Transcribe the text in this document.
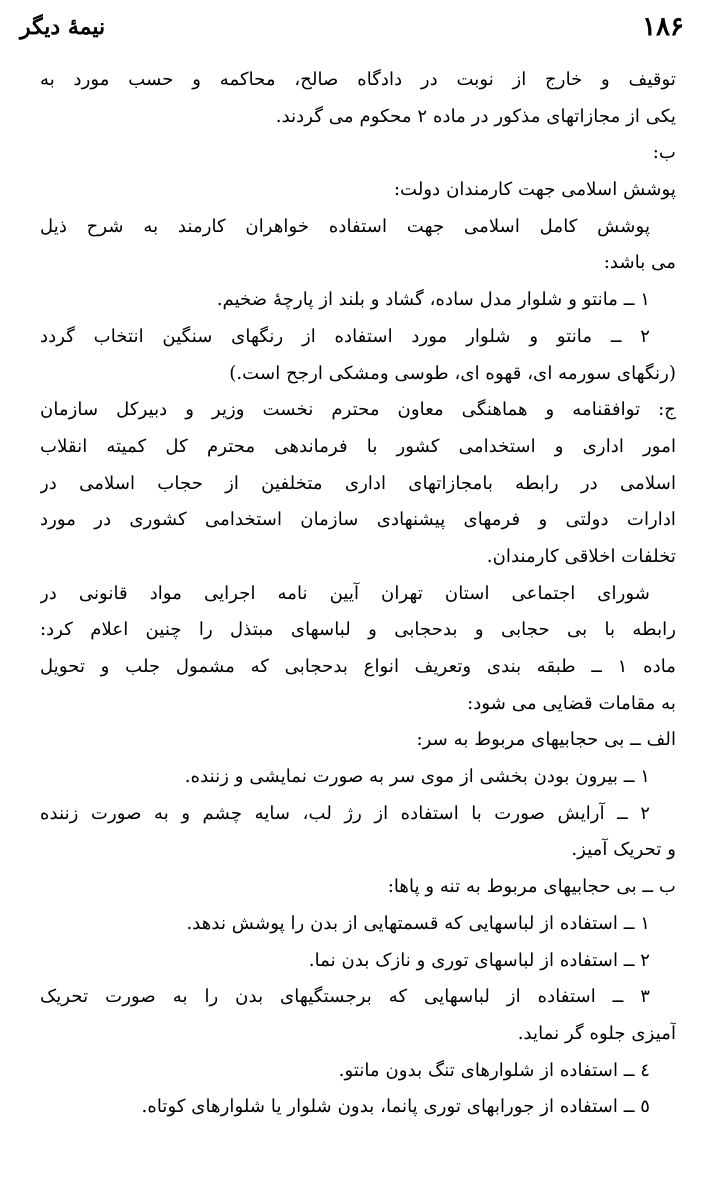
۱۸۶
نیمهٔ دیگر
توقیف و خارج از نوبت در دادگاه صالح، محاکمه و حسب مورد به
یکی از مجازاتهای مذکور در ماده ۲ محکوم می گردند.
ب:
پوشش اسلامی جهت کارمندان دولت:
پوشش کامل اسلامی جهت استفاده خواهران کارمند به شرح ذیل
می باشد:
۱ ــ مانتو و شلوار مدل ساده، گشاد و بلند از پارچهٔ ضخیم.
۲ ــ مانتو و شلوار مورد استفاده از رنگهای سنگین انتخاب گردد
(رنگهای سورمه ای، قهوه ای، طوسی ومشکی ارجح است.)
ج: توافقنامه و هماهنگی معاون محترم نخست وزیر و دبیرکل سازمان
امور اداری و استخدامی کشور با فرماندهی محترم کل کمیته انقلاب
اسلامی در رابطه بامجازاتهای اداری متخلفین از حجاب اسلامی در
ادارات دولتی و فرمهای پیشنهادی سازمان استخدامی کشوری در مورد
تخلفات اخلاقی کارمندان.
شورای اجتماعی استان تهران آیین نامه اجرایی مواد قانونی در
رابطه با بی حجابی و بدحجابی و لباسهای مبتذل را چنین اعلام کرد:
ماده ۱ ــ طبقه بندی وتعریف انواع بدحجابی که مشمول جلب و تحویل
به مقامات قضایی می شود:
الف ــ بی حجابیهای مربوط به سر:
۱ ــ بیرون بودن بخشی از موی سر به صورت نمایشی و زننده.
۲ ــ آرایش صورت با استفاده از رژ لب، سایه چشم و به صورت زننده
و تحریک آمیز.
ب ــ بی حجابیهای مربوط به تنه و پاها:
۱ ــ استفاده از لباسهایی که قسمتهایی از بدن را پوشش ندهد.
۲ ــ استفاده از لباسهای توری و نازک بدن نما.
۳ ــ استفاده از لباسهایی که برجستگیهای بدن را به صورت تحریک
آمیزی جلوه گر نماید.
٤ ــ استفاده از شلوارهای تنگ بدون مانتو.
٥ ــ استفاده از جورابهای توری پانما، بدون شلوار یا شلوارهای کوتاه.
